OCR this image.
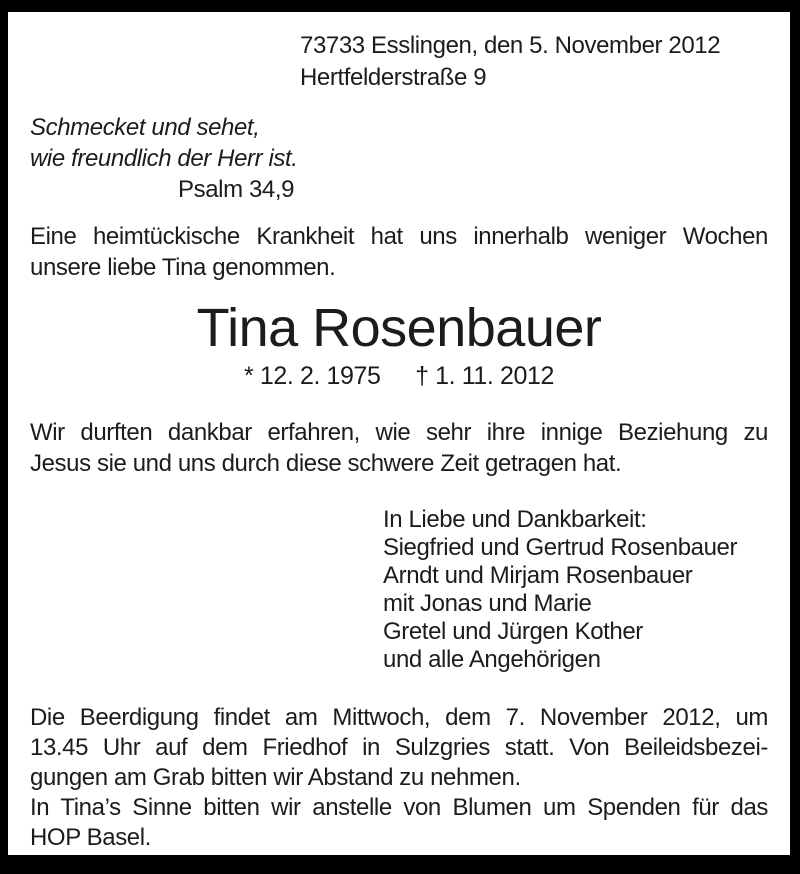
73733 Esslingen, den 5. November 2012
Hertfelderstraße 9
Schmecket und sehet,
wie freundlich der Herr ist.
Psalm 34,9
Eine heimtückische Krankheit hat uns innerhalb weniger Wochen
unsere liebe Tina genommen.
Tina Rosenbauer
* 12. 2. 1975 † 1. 11. 2012
Wir durften dankbar erfahren, wie sehr ihre innige Beziehung zu
Jesus sie und uns durch diese schwere Zeit getragen hat.
In Liebe und Dankbarkeit:
Siegfried und Gertrud Rosenbauer
Arndt und Mirjam Rosenbauer
mit Jonas und Marie
Gretel und Jürgen Kother
und alle Angehörigen
Die Beerdigung findet am Mittwoch, dem 7. November 2012, um
13.45 Uhr auf dem Friedhof in Sulzgries statt. Von Beileidsbezei-
gungen am Grab bitten wir Abstand zu nehmen.
In Tina’s Sinne bitten wir anstelle von Blumen um Spenden für das
HOP Basel.
